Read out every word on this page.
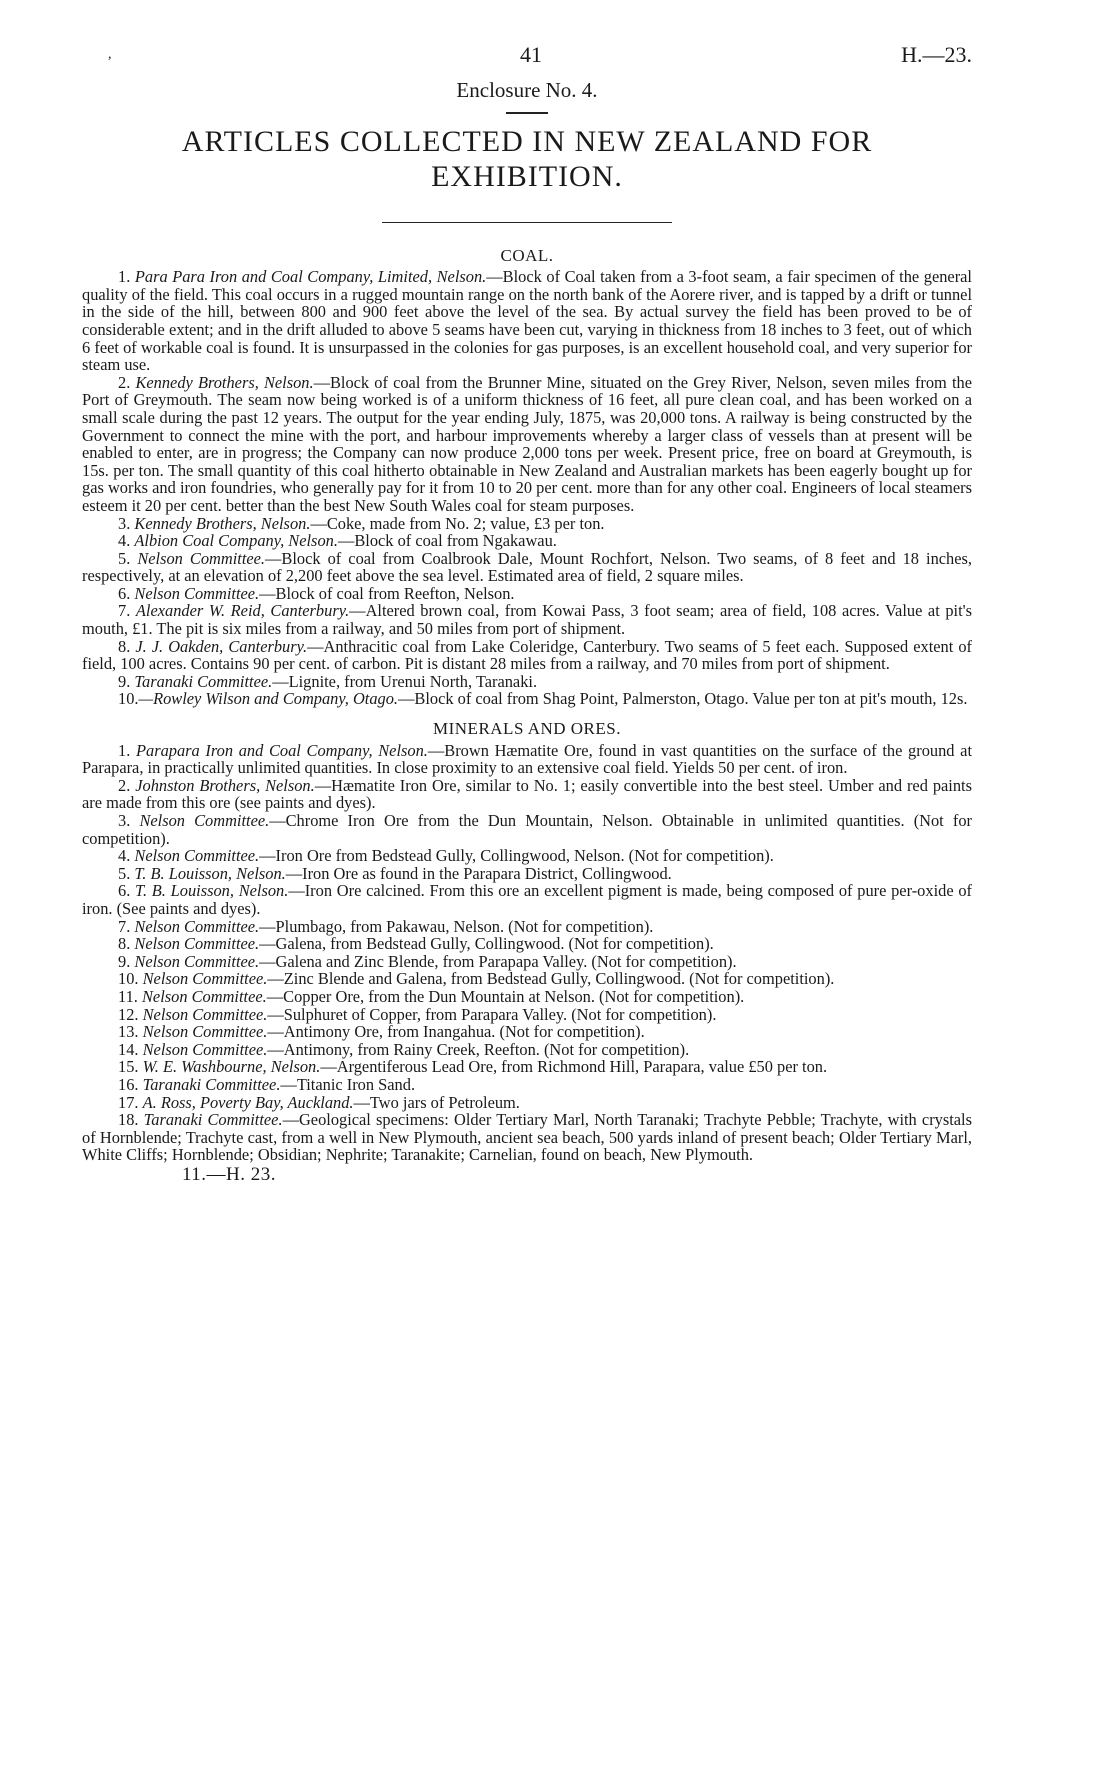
,	41	H.—23.
Enclosure No. 4.
ARTICLES COLLECTED IN NEW ZEALAND FOR
EXHIBITION.
COAL.

1. Para Para Iron and Coal Company, Limited, Nelson.—Block of Coal taken from a 3-foot seam, a fair specimen of the general quality of the field. This coal occurs in a rugged mountain range on the north bank of the Aorere river, and is tapped by a drift or tunnel in the side of the hill, between 800 and 900 feet above the level of the sea. By actual survey the field has been proved to be of considerable extent; and in the drift alluded to above 5 seams have been cut, varying in thickness from 18 inches to 3 feet, out of which 6 feet of workable coal is found. It is unsurpassed in the colonies for gas purposes, is an excellent household coal, and very superior for steam use.

2. Kennedy Brothers, Nelson.—Block of coal from the Brunner Mine, situated on the Grey River, Nelson, seven miles from the Port of Greymouth. The seam now being worked is of a uniform thickness of 16 feet, all pure clean coal, and has been worked on a small scale during the past 12 years. The output for the year ending July, 1875, was 20,000 tons. A railway is being constructed by the Government to connect the mine with the port, and harbour improvements whereby a larger class of vessels than at present will be enabled to enter, are in progress; the Company can now produce 2,000 tons per week. Present price, free on board at Greymouth, is 15s. per ton. The small quantity of this coal hitherto obtainable in New Zealand and Australian markets has been eagerly bought up for gas works and iron foundries, who generally pay for it from 10 to 20 per cent. more than for any other coal. Engineers of local steamers esteem it 20 per cent. better than the best New South Wales coal for steam purposes.

3. Kennedy Brothers, Nelson.—Coke, made from No. 2; value, £3 per ton.

4. Albion Coal Company, Nelson.—Block of coal from Ngakawau.

5. Nelson Committee.—Block of coal from Coalbrook Dale, Mount Rochfort, Nelson. Two seams, of 8 feet and 18 inches, respectively, at an elevation of 2,200 feet above the sea level. Estimated area of field, 2 square miles.

6. Nelson Committee.—Block of coal from Reefton, Nelson.

7. Alexander W. Reid, Canterbury.—Altered brown coal, from Kowai Pass, 3 foot seam; area of field, 108 acres. Value at pit's mouth, £1. The pit is six miles from a railway, and 50 miles from port of shipment.

8. J. J. Oakden, Canterbury.—Anthracitic coal from Lake Coleridge, Canterbury. Two seams of 5 feet each. Supposed extent of field, 100 acres. Contains 90 per cent. of carbon. Pit is distant 28 miles from a railway, and 70 miles from port of shipment.

9. Taranaki Committee.—Lignite, from Urenui North, Taranaki.

10.—Rowley Wilson and Company, Otago.—Block of coal from Shag Point, Palmerston, Otago. Value per ton at pit's mouth, 12s.

MINERALS AND ORES.

1. Parapara Iron and Coal Company, Nelson.—Brown Hæmatite Ore, found in vast quantities on the surface of the ground at Parapara, in practically unlimited quantities. In close proximity to an extensive coal field. Yields 50 per cent. of iron.

2. Johnston Brothers, Nelson.—Hæmatite Iron Ore, similar to No. 1; easily convertible into the best steel. Umber and red paints are made from this ore (see paints and dyes).

3. Nelson Committee.—Chrome Iron Ore from the Dun Mountain, Nelson. Obtainable in unlimited quantities. (Not for competition).

4. Nelson Committee.—Iron Ore from Bedstead Gully, Collingwood, Nelson. (Not for competition).

5. T. B. Louisson, Nelson.—Iron Ore as found in the Parapara District, Collingwood.

6. T. B. Louisson, Nelson.—Iron Ore calcined. From this ore an excellent pigment is made, being composed of pure per-oxide of iron. (See paints and dyes).

7. Nelson Committee.—Plumbago, from Pakawau, Nelson. (Not for competition).

8. Nelson Committee.—Galena, from Bedstead Gully, Collingwood. (Not for competition).

9. Nelson Committee.—Galena and Zinc Blende, from Parapapa Valley. (Not for competition).

10. Nelson Committee.—Zinc Blende and Galena, from Bedstead Gully, Collingwood. (Not for competition).

11. Nelson Committee.—Copper Ore, from the Dun Mountain at Nelson. (Not for competition).

12. Nelson Committee.—Sulphuret of Copper, from Parapara Valley. (Not for competition).

13. Nelson Committee.—Antimony Ore, from Inangahua. (Not for competition).

14. Nelson Committee.—Antimony, from Rainy Creek, Reefton. (Not for competition).

15. W. E. Washbourne, Nelson.—Argentiferous Lead Ore, from Richmond Hill, Parapara, value £50 per ton.

16. Taranaki Committee.—Titanic Iron Sand.

17. A. Ross, Poverty Bay, Auckland.—Two jars of Petroleum.

18. Taranaki Committee.—Geological specimens: Older Tertiary Marl, North Taranaki; Trachyte Pebble; Trachyte, with crystals of Hornblende; Trachyte cast, from a well in New Plymouth, ancient sea beach, 500 yards inland of present beach; Older Tertiary Marl, White Cliffs; Hornblende; Obsidian; Nephrite; Taranakite; Carnelian, found on beach, New Plymouth.

11.—H. 23.
